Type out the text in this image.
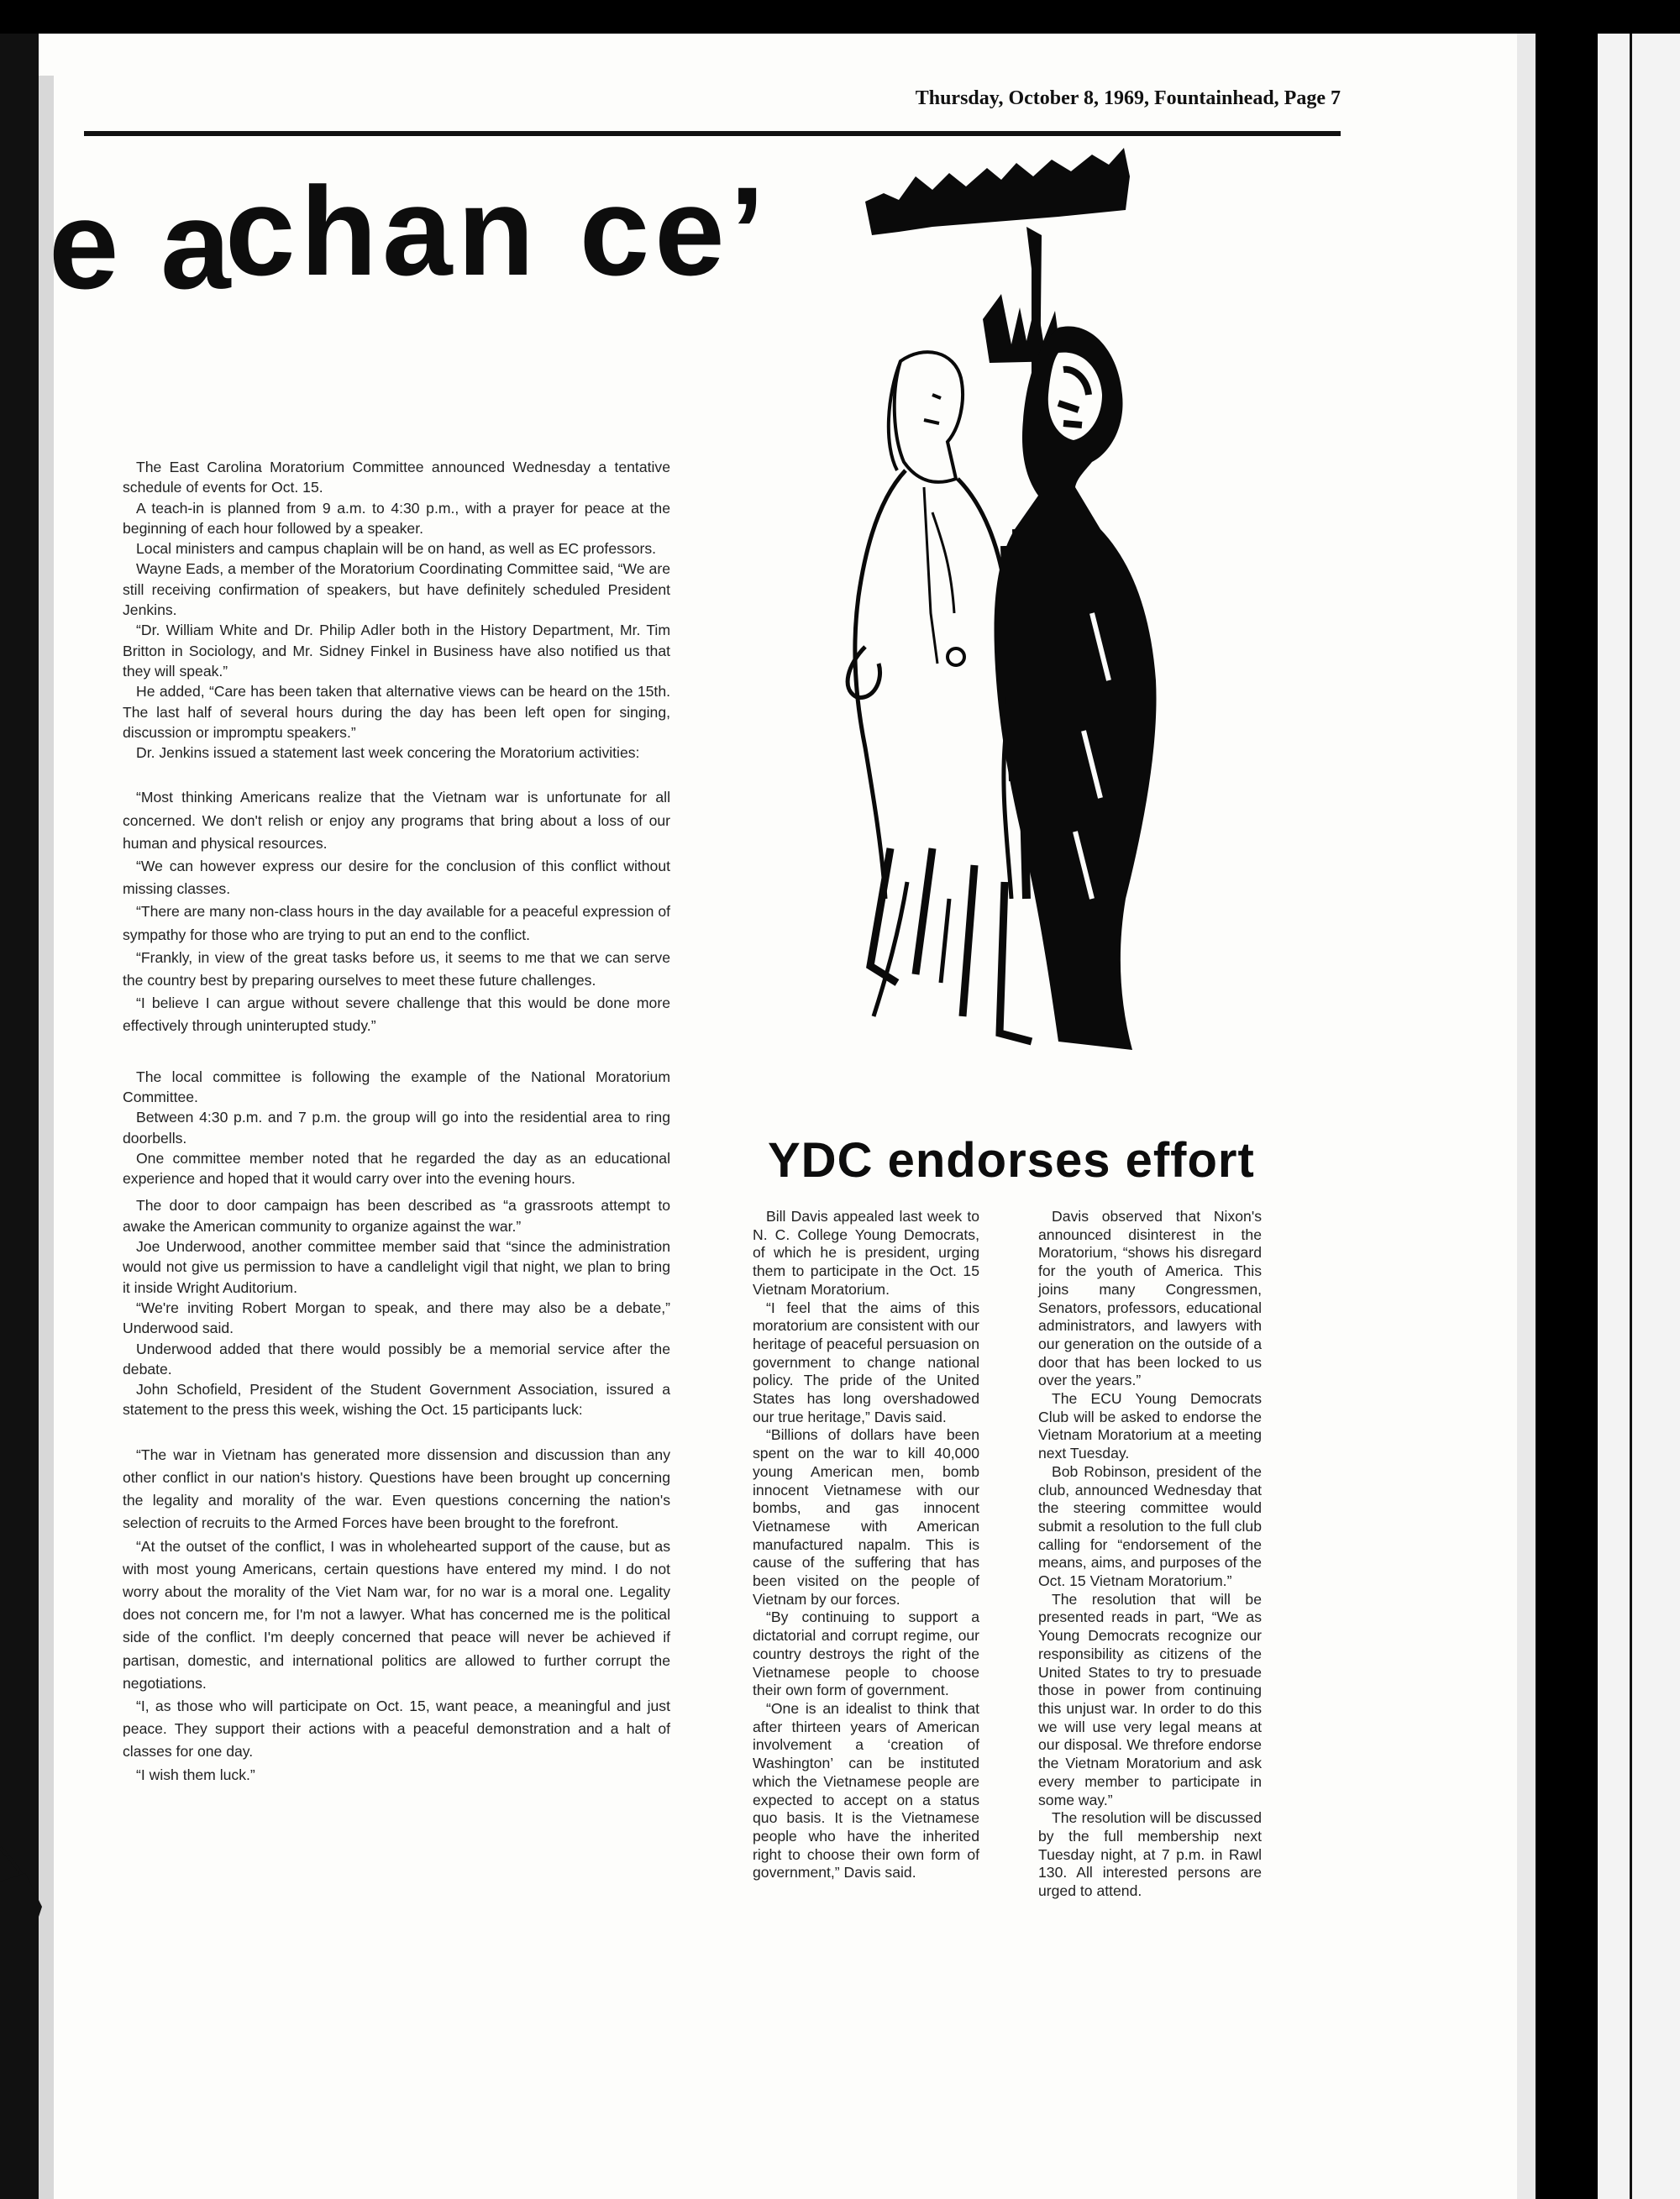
Thursday, October 8, 1969, Fountainhead, Page 7
e a
chan ce’

The East Carolina Moratorium Committee announced Wednesday a tentative schedule of events for Oct. 15.

A teach-in is planned from 9 a.m. to 4:30 p.m., with a prayer for peace at the beginning of each hour followed by a speaker.

Local ministers and campus chaplain will be on hand, as well as EC professors.

Wayne Eads, a member of the Moratorium Coordinating Committee said, “We are still receiving confirmation of speakers, but have definitely scheduled President Jenkins.

“Dr. William White and Dr. Philip Adler both in the History Department, Mr. Tim Britton in Sociology, and Mr. Sidney Finkel in Business have also notified us that they will speak.”

He added, “Care has been taken that alternative views can be heard on the 15th. The last half of several hours during the day has been left open for singing, discussion or impromptu speakers.”

Dr. Jenkins issued a statement last week concering the Moratorium activities:

“Most thinking Americans realize that the Vietnam war is unfortunate for all concerned. We don't relish or enjoy any programs that bring about a loss of our human and physical resources.

“We can however express our desire for the conclusion of this conflict without missing classes.

“There are many non-class hours in the day available for a peaceful expression of sympathy for those who are trying to put an end to the conflict.

“Frankly, in view of the great tasks before us, it seems to me that we can serve the country best by preparing ourselves to meet these future challenges.

“I believe I can argue without severe challenge that this would be done more effectively through uninterupted study.”

The local committee is following the example of the National Moratorium Committee.

Between 4:30 p.m. and 7 p.m. the group will go into the residential area to ring doorbells.

One committee member noted that he regarded the day as an educational experience and hoped that it would carry over into the evening hours.

The door to door campaign has been described as “a grassroots attempt to awake the American community to organize against the war.”

Joe Underwood, another committee member said that “since the administration would not give us permission to have a candlelight vigil that night, we plan to bring it inside Wright Auditorium.

“We're inviting Robert Morgan to speak, and there may also be a debate,” Underwood said.

Underwood added that there would possibly be a memorial service after the debate.

John Schofield, President of the Student Government Association, issured a statement to the press this week, wishing the Oct. 15 participants luck:

“The war in Vietnam has generated more dissension and discussion than any other conflict in our nation's history. Questions have been brought up concerning the legality and morality of the war. Even questions concerning the nation's selection of recruits to the Armed Forces have been brought to the forefront.

“At the outset of the conflict, I was in wholehearted support of the cause, but as with most young Americans, certain questions have entered my mind. I do not worry about the morality of the Viet Nam war, for no war is a moral one. Legality does not concern me, for I'm not a lawyer. What has concerned me is the political side of the conflict. I'm deeply concerned that peace will never be achieved if partisan, domestic, and international politics are allowed to further corrupt the negotiations.

“I, as those who will participate on Oct. 15, want peace, a meaningful and just peace. They support their actions with a peaceful demonstration and a halt of classes for one day.

“I wish them luck.”

YDC endorses effort

Bill Davis appealed last week to N. C. College Young Democrats, of which he is president, urging them to participate in the Oct. 15 Vietnam Moratorium.

“I feel that the aims of this moratorium are consistent with our heritage of peaceful persuasion on government to change national policy. The pride of the United States has long overshadowed our true heritage,” Davis said.

“Billions of dollars have been spent on the war to kill 40,000 young American men, bomb innocent Vietnamese with our bombs, and gas innocent Vietnamese with American manufactured napalm. This is cause of the suffering that has been visited on the people of Vietnam by our forces.

“By continuing to support a dictatorial and corrupt regime, our country destroys the right of the Vietnamese people to choose their own form of government.

“One is an idealist to think that after thirteen years of American involvement a ‘creation of Washington’ can be instituted which the Vietnamese people are expected to accept on a status quo basis. It is the Vietnamese people who have the inherited right to choose their own form of government,” Davis said.

Davis observed that Nixon's announced disinterest in the Moratorium, “shows his disregard for the youth of America. This joins many Congressmen, Senators, professors, educational administrators, and lawyers with our generation on the outside of a door that has been locked to us over the years.”

The ECU Young Democrats Club will be asked to endorse the Vietnam Moratorium at a meeting next Tuesday.

Bob Robinson, president of the club, announced Wednesday that the steering committee would submit a resolution to the full club calling for “endorsement of the means, aims, and purposes of the Oct. 15 Vietnam Moratorium.”

The resolution that will be presented reads in part, “We as Young Democrats recognize our responsibility as citizens of the United States to try to presuade those in power from continuing this unjust war. In order to do this we will use very legal means at our disposal. We threfore endorse the Vietnam Moratorium and ask every member to participate in some way.”

The resolution will be discussed by the full membership next Tuesday night, at 7 p.m. in Rawl 130. All interested persons are urged to attend.
